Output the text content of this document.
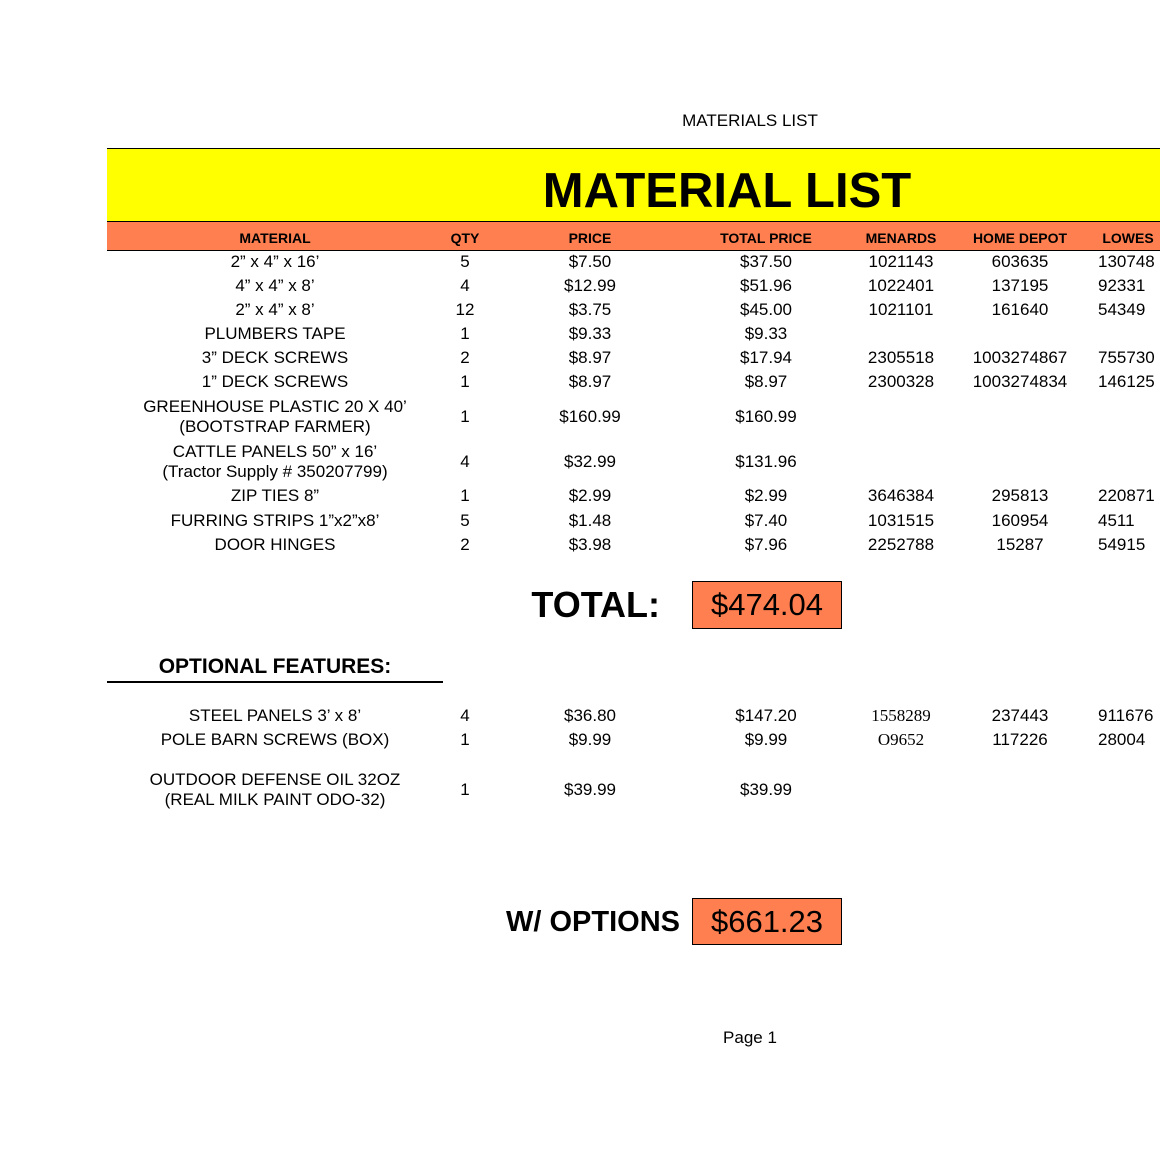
MATERIALS LIST
MATERIAL LIST
MATERIAL	QTY	PRICE	TOTAL PRICE	MENARDS	HOME DEPOT	LOWES
2” x 4” x 16’	5	$7.50	$37.50	1021143	603635	130748
4” x 4” x 8’	4	$12.99	$51.96	1022401	137195	92331
2” x 4” x 8’	12	$3.75	$45.00	1021101	161640	54349
PLUMBERS TAPE	1	$9.33	$9.33
3” DECK SCREWS	2	$8.97	$17.94	2305518	1003274867	755730
1” DECK SCREWS	1	$8.97	$8.97	2300328	1003274834	146125
GREENHOUSE PLASTIC 20 X 40’
(BOOTSTRAP FARMER)
1	$160.99	$160.99
CATTLE PANELS 50” x 16’
(Tractor Supply # 350207799)
4	$32.99	$131.96
ZIP TIES 8”	1	$2.99	$2.99	3646384	295813	220871
FURRING STRIPS 1”x2”x8’	5	$1.48	$7.40	1031515	160954	4511
DOOR HINGES	2	$3.98	$7.96	2252788	15287	54915
TOTAL:	$474.04
OPTIONAL FEATURES:
STEEL PANELS 3’ x 8’	4	$36.80	$147.20	1558289	237443	911676
POLE BARN SCREWS (BOX)	1	$9.99	$9.99	O9652	117226	28004
OUTDOOR DEFENSE OIL 32OZ
(REAL MILK PAINT ODO-32)
1	$39.99	$39.99
W/ OPTIONS $661.23
Page 1
